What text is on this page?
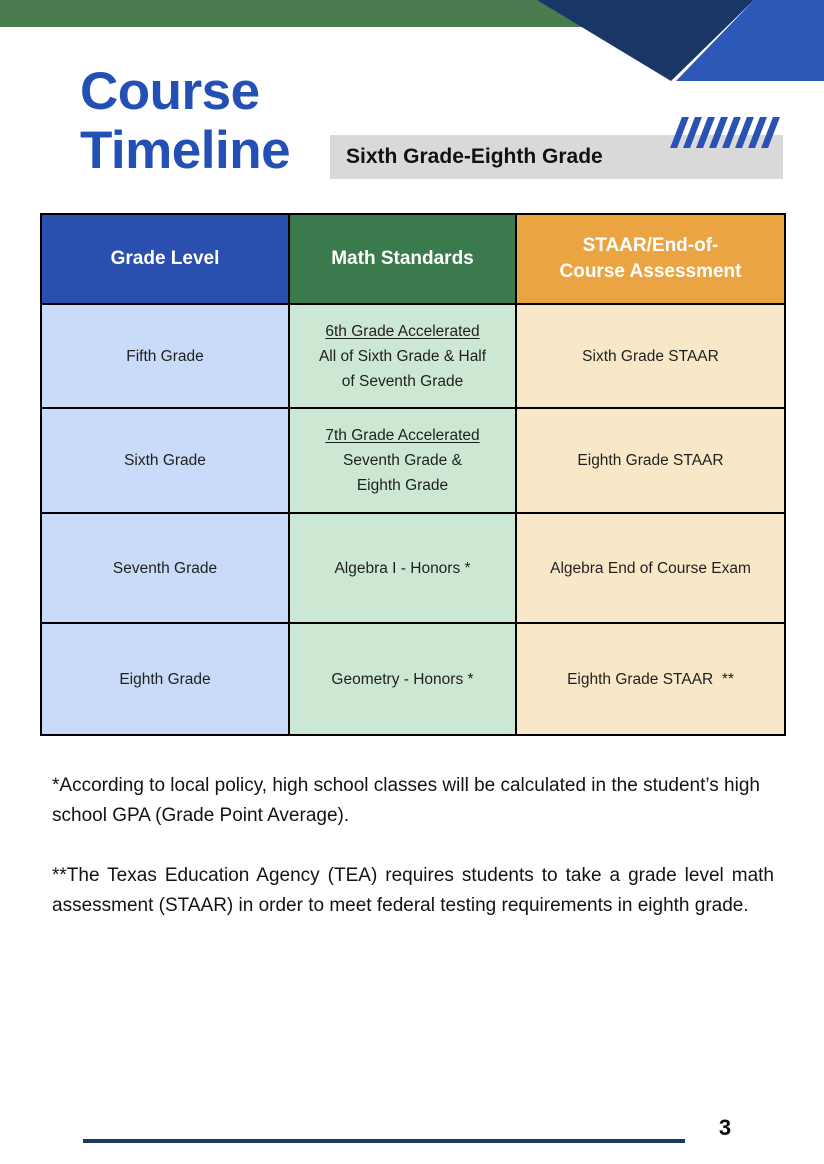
Course
Timeline	Sixth Grade-Eighth Grade
Grade Level	Math Standards	STAAR/End-of-
Course Assessment

Fifth Grade	6th Grade Accelerated
All of Sixth Grade & Half
of Seventh Grade	Sixth Grade STAAR
Sixth Grade	7th Grade Accelerated
Seventh Grade &
Eighth Grade	Eighth Grade STAAR
Seventh Grade	Algebra I - Honors *	Algebra End of Course Exam
Eighth Grade	Geometry - Honors *	Eighth Grade STAAR  **

*According to local policy, high school classes will be calculated in the student’s high school GPA (Grade Point Average).

**The Texas Education Agency (TEA) requires students to take a grade level math assessment (STAAR) in order to meet federal testing requirements in eighth grade.

3
